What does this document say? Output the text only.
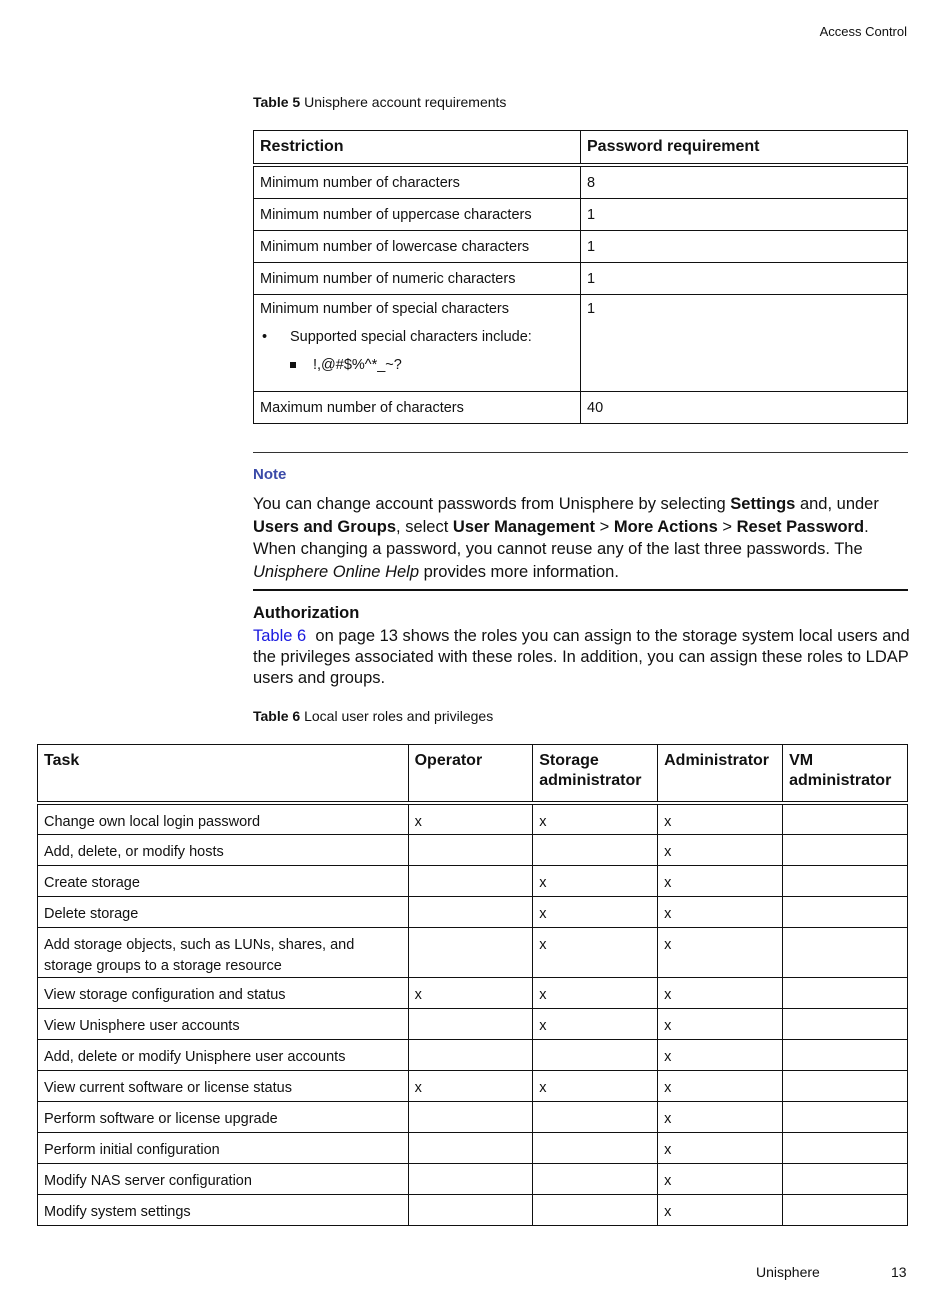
Access Control
Table 5 Unisphere account requirements
Restriction	Password requirement
Minimum number of characters	8
Minimum number of uppercase characters	1
Minimum number of lowercase characters	1
Minimum number of numeric characters	1

Minimum number of special characters
• Supported special characters include:
!,@#$%^*_~?	1
Maximum number of characters	40
Note
You can change account passwords from Unisphere by selecting Settings and, under Users and Groups, select User Management > More Actions > Reset Password. When changing a password, you cannot reuse any of the last three passwords. The Unisphere Online Help provides more information.
Authorization
Table 6  on page 13 shows the roles you can assign to the storage system local users and the privileges associated with these roles. In addition, you can assign these roles to LDAP users and groups.
Table 6 Local user roles and privileges
Task	Operator	Storage administrator	Administrator	VM administrator
Change own local login password	x	x	x	
Add, delete, or modify hosts			x	
Create storage		x	x	
Delete storage		x	x	
Add storage objects, such as LUNs, shares, and storage groups to a storage resource		x	x	
View storage configuration and status	x	x	x	
View Unisphere user accounts		x	x	
Add, delete or modify Unisphere user accounts			x	
View current software or license status	x	x	x	
Perform software or license upgrade			x	
Perform initial configuration			x	
Modify NAS server configuration			x	
Modify system settings			x	
Unisphere	13
